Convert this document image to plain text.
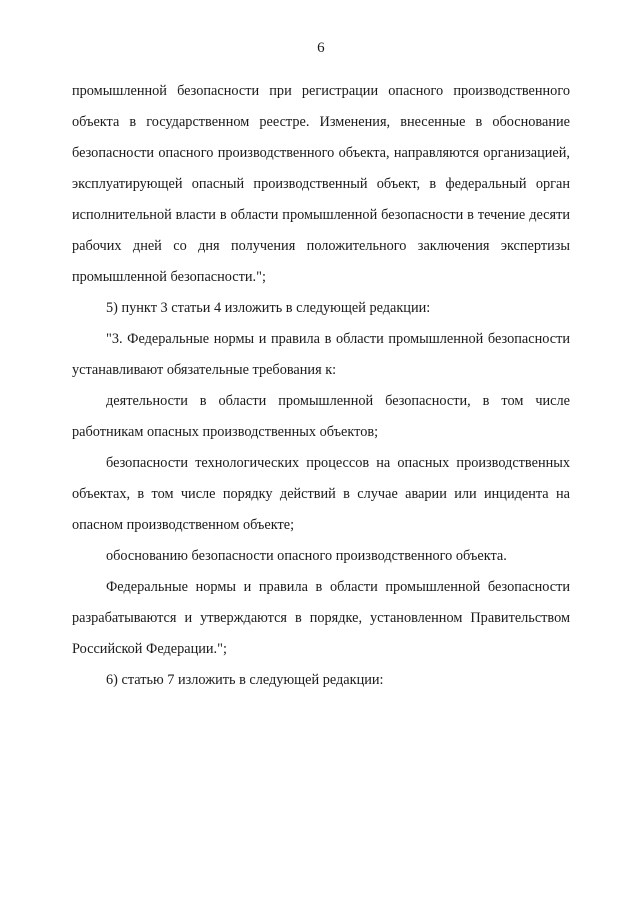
6

промышленной безопасности при регистрации опасного производственного объекта в государственном реестре. Изменения, внесенные в обоснование безопасности опасного производственного объекта, направляются организацией, эксплуатирующей опасный производственный объект, в федеральный орган исполнительной власти в области промышленной безопасности в течение десяти рабочих дней со дня получения положительного заключения экспертизы промышленной безопасности.";

5) пункт 3 статьи 4 изложить в следующей редакции:

"3. Федеральные нормы и правила в области промышленной безопасности устанавливают обязательные требования к:

деятельности в области промышленной безопасности, в том числе работникам опасных производственных объектов;

безопасности технологических процессов на опасных производственных объектах, в том числе порядку действий в случае аварии или инцидента на опасном производственном объекте;

обоснованию безопасности опасного производственного объекта.

Федеральные нормы и правила в области промышленной безопасности разрабатываются и утверждаются в порядке, установленном Правительством Российской Федерации.";

6) статью 7 изложить в следующей редакции:
